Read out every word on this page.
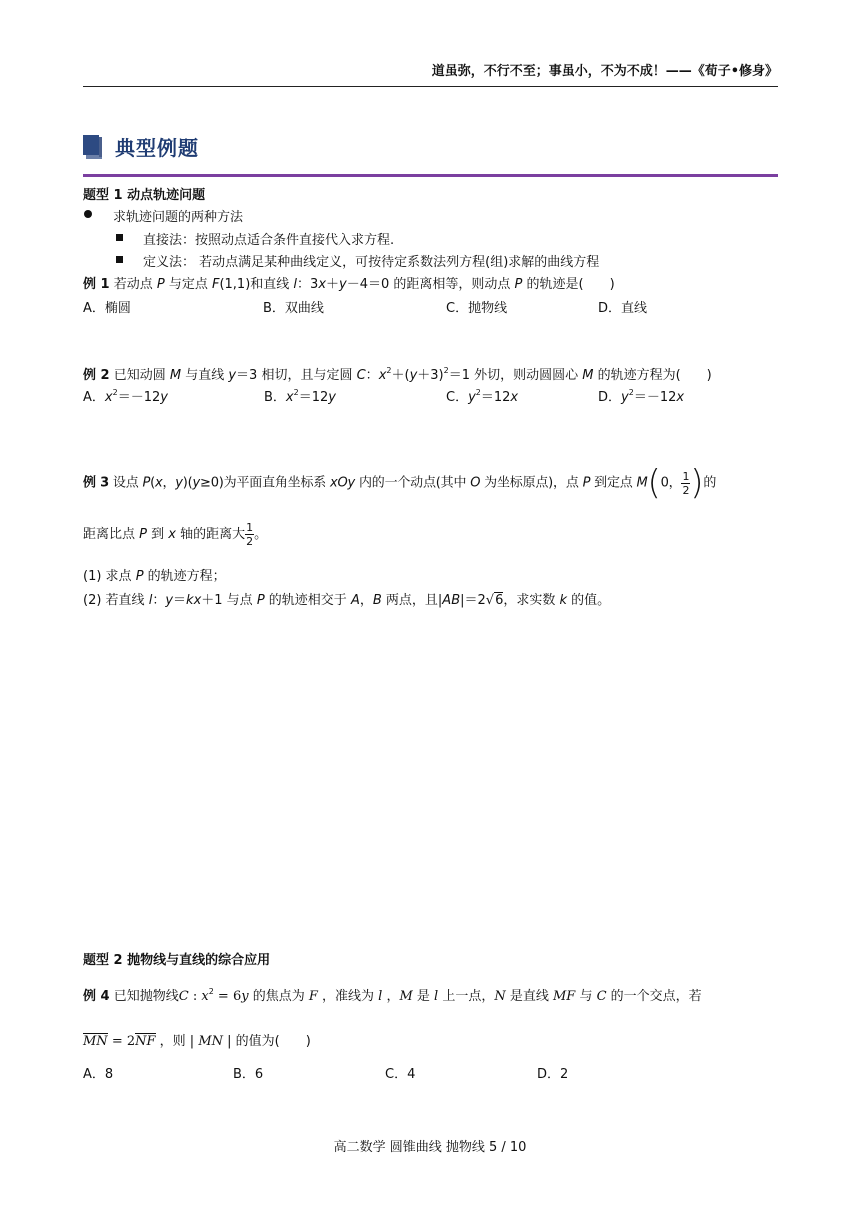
道虽弥，不行不至；事虽小，不为不成！——《荀子•修身》
典型例题
题型 1 动点轨迹问题
求轨迹问题的两种方法
直接法：按照动点适合条件直接代入求方程.
定义法： 若动点满足某种曲线定义，可按待定系数法列方程(组)求解的曲线方程
例 1 若动点 P 与定点 F(1,1)和直线 l：3x＋y－4＝0 的距离相等，则动点 P 的轨迹是(　　)
A．椭圆	B．双曲线	C．抛物线	D．直线
例 2 已知动圆 M 与直线 y＝3 相切，且与定圆 C：$x^2+(y+3)^2=1$ 外切，则动圆圆心 M 的轨迹方程为(　　)
A．$x^2=-12y$	B．$x^2=12y$	C．$y^2=12x$	D．$y^2=-12x$
例 3 设点 P(x，y)(y≥0)为平面直角坐标系 xOy 内的一个动点(其中 O 为坐标原点)，点 P 到定点 M(0， $\frac{1}{2}$ )的
距离比点 P 到 x 轴的距离大 $\frac{1}{2}$ 。
(1) 求点 P 的轨迹方程；
(2) 若直线 l：y＝kx＋1 与点 P 的轨迹相交于 A，B 两点，且|AB|＝2√6，求实数 k 的值。
题型 2 抛物线与直线的综合应用
例 4 已知抛物线C : $x^2 = 6y$ 的焦点为 F ，准线为 l ，M 是 l 上一点，N 是直线 MF 与 C 的一个交点，若
MN = 2NF ，则 | MN | 的值为(　　)
A．8	B．6	C．4	D．2
高二数学 圆锥曲线 抛物线 5 / 10
